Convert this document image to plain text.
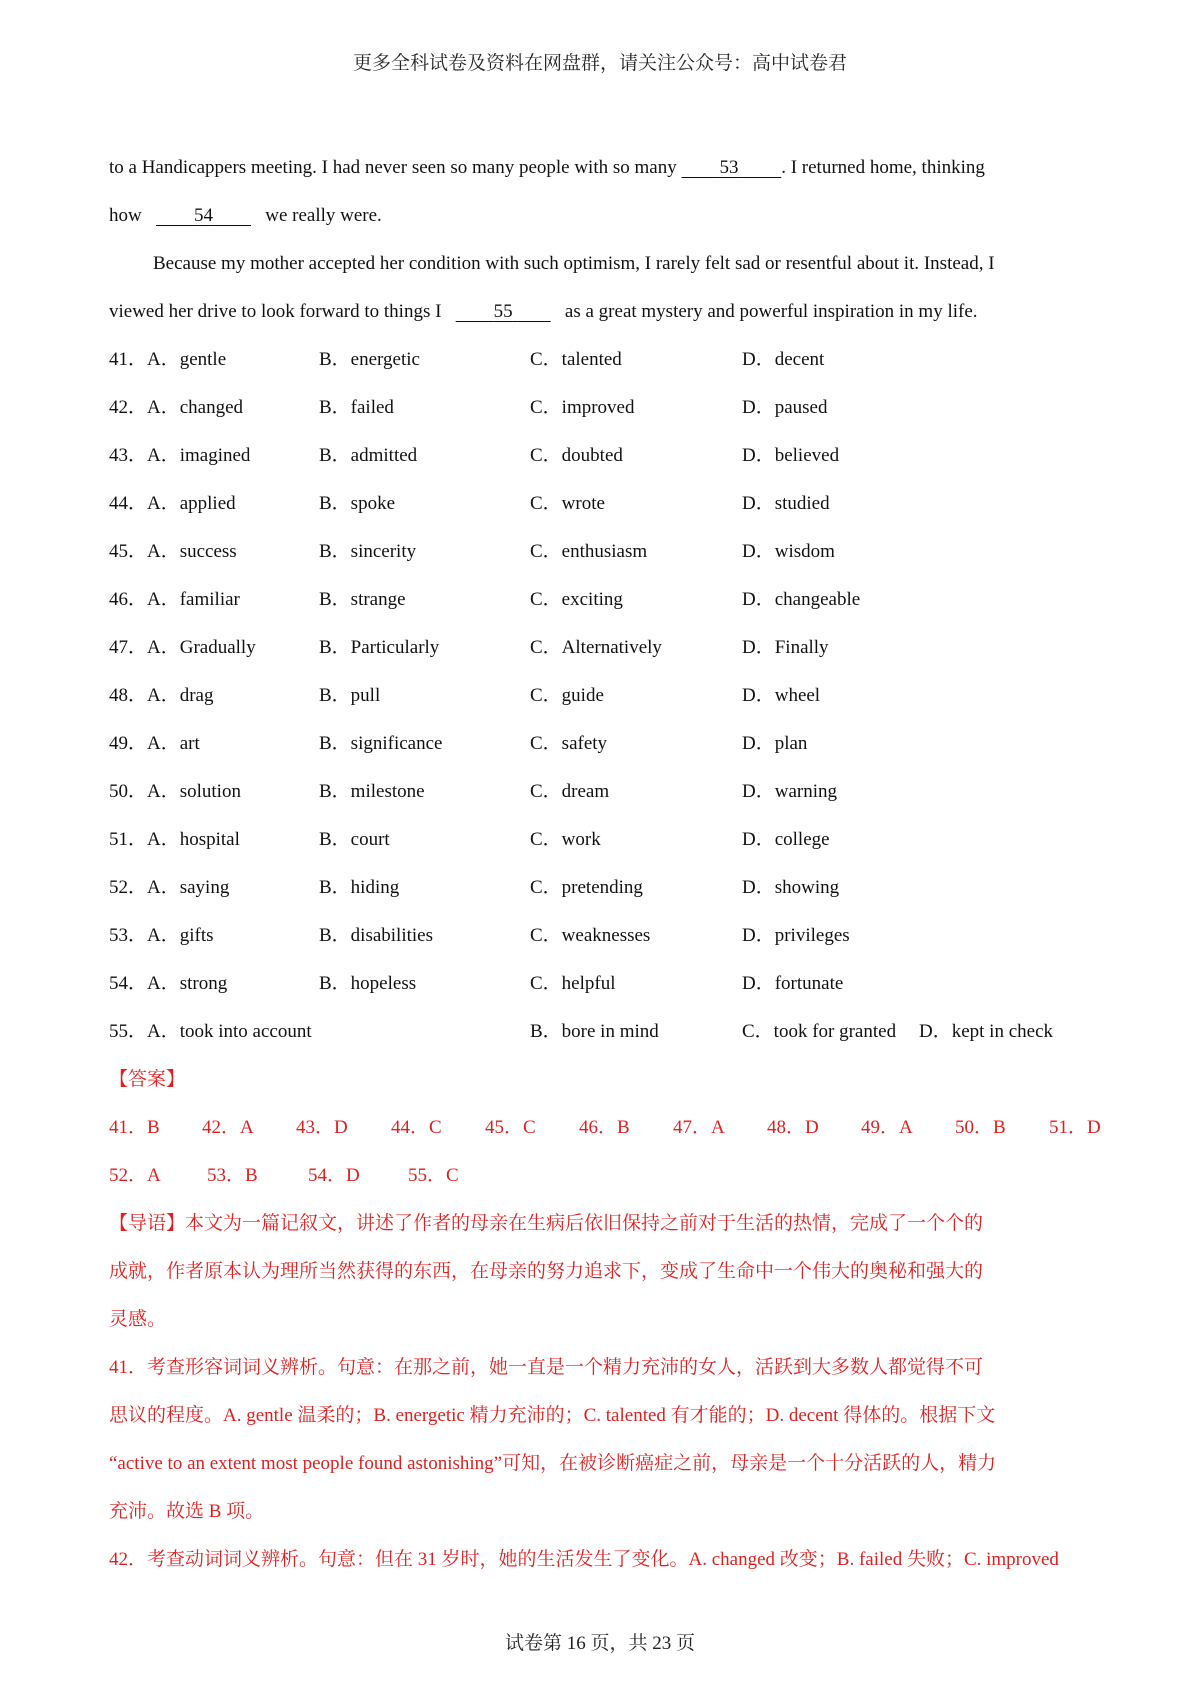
更多全科试卷及资料在网盘群，请关注公众号：高中试卷君
to a Handicappers meeting. I had never seen so many people with so many 53 . I returned home, thinking
how	54	we really were.
Because my mother accepted her condition with such optimism, I rarely felt sad or resentful about it. Instead, I
viewed her drive to look forward to things I	55	as a great mystery and powerful inspiration in my life.
41．A．gentle	B．energetic	C．talented	D．decent
42．A．changed	B．failed	C．improved	D．paused
43．A．imagined	B．admitted	C．doubted	D．believed
44．A．applied	B．spoke	C．wrote	D．studied
45．A．success	B．sincerity	C．enthusiasm	D．wisdom
46．A．familiar	B．strange	C．exciting	D．changeable
47．A．Gradually	B．Particularly	C．Alternatively	D．Finally
48．A．drag	B．pull	C．guide	D．wheel
49．A．art	B．significance	C．safety	D．plan
50．A．solution	B．milestone	C．dream	D．warning
51．A．hospital	B．court	C．work	D．college
52．A．saying	B．hiding	C．pretending	D．showing
53．A．gifts	B．disabilities	C．weaknesses	D．privileges
54．A．strong	B．hopeless	C．helpful	D．fortunate
55．A．took into account	B．bore in mind	C．took for granted D．kept in check
【答案】
41．B 42．A 43．D 44．C 45．C 46．B 47．A 48．D 49．A 50．B 51．D
52．A 53．B	54．D	55．C
【导语】本文为一篇记叙文，讲述了作者的母亲在生病后依旧保持之前对于生活的热情，完成了一个个的
成就，作者原本认为理所当然获得的东西，在母亲的努力追求下，变成了生命中一个伟大的奥秘和强大的
灵感。
41．考查形容词词义辨析。句意：在那之前，她一直是一个精力充沛的女人，活跃到大多数人都觉得不可
思议的程度。A. gentle 温柔的；B. energetic 精力充沛的；C. talented 有才能的；D. decent 得体的。根据下文
“active to an extent most people found astonishing”可知，在被诊断癌症之前，母亲是一个十分活跃的人，精力
充沛。故选 B 项。
42．考查动词词义辨析。句意：但在 31 岁时，她的生活发生了变化。A. changed 改变；B. failed 失败；C. improved
试卷第 16 页，共 23 页
